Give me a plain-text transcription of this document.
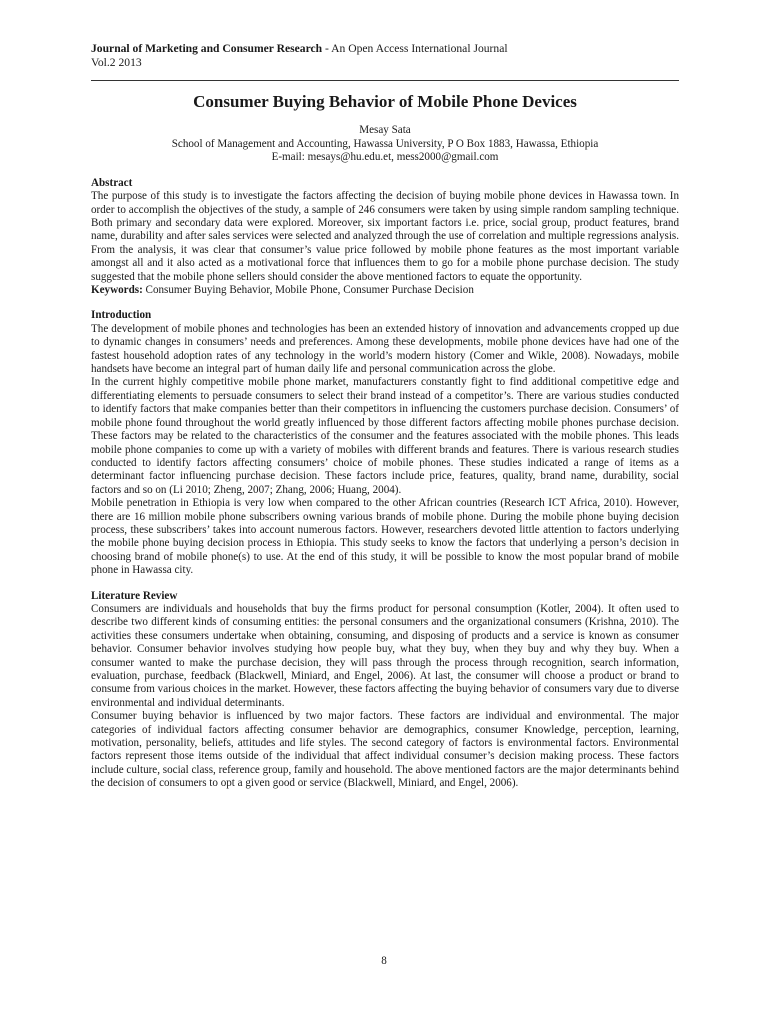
Journal of Marketing and Consumer Research - An Open Access International Journal
Vol.2 2013
Consumer Buying Behavior of Mobile Phone Devices
Mesay Sata
School of Management and Accounting, Hawassa University, P O Box 1883, Hawassa, Ethiopia
E-mail: mesays@hu.edu.et, mess2000@gmail.com
Abstract

The purpose of this study is to investigate the factors affecting the decision of buying mobile phone devices in Hawassa town. In order to accomplish the objectives of the study, a sample of 246 consumers were taken by using simple random sampling technique. Both primary and secondary data were explored. Moreover, six important factors i.e. price, social group, product features, brand name, durability and after sales services were selected and analyzed through the use of correlation and multiple regressions analysis. From the analysis, it was clear that consumer’s value price followed by mobile phone features as the most important variable amongst all and it also acted as a motivational force that influences them to go for a mobile phone purchase decision. The study suggested that the mobile phone sellers should consider the above mentioned factors to equate the opportunity.

Keywords: Consumer Buying Behavior, Mobile Phone, Consumer Purchase Decision

Introduction

The development of mobile phones and technologies has been an extended history of innovation and advancements cropped up due to dynamic changes in consumers’ needs and preferences. Among these developments, mobile phone devices have had one of the fastest household adoption rates of any technology in the world’s modern history (Comer and Wikle, 2008). Nowadays, mobile handsets have become an integral part of human daily life and personal communication across the globe.

In the current highly competitive mobile phone market, manufacturers constantly fight to find additional competitive edge and differentiating elements to persuade consumers to select their brand instead of a competitor’s. There are various studies conducted to identify factors that make companies better than their competitors in influencing the customers purchase decision. Consumers’ of mobile phone found throughout the world greatly influenced by those different factors affecting mobile phones purchase decision. These factors may be related to the characteristics of the consumer and the features associated with the mobile phones. This leads mobile phone companies to come up with a variety of mobiles with different brands and features. There is various research studies conducted to identify factors affecting consumers’ choice of mobile phones. These studies indicated a range of items as a determinant factor influencing purchase decision. These factors include price, features, quality, brand name, durability, social factors and so on (Li 2010; Zheng, 2007; Zhang, 2006; Huang, 2004).

Mobile penetration in Ethiopia is very low when compared to the other African countries (Research ICT Africa, 2010). However, there are 16 million mobile phone subscribers owning various brands of mobile phone. During the mobile phone buying decision process, these subscribers’ takes into account numerous factors. However, researchers devoted little attention to factors underlying the mobile phone buying decision process in Ethiopia. This study seeks to know the factors that underlying a person’s decision in choosing brand of mobile phone(s) to use. At the end of this study, it will be possible to know the most popular brand of mobile phone in Hawassa city.

Literature Review

Consumers are individuals and households that buy the firms product for personal consumption (Kotler, 2004). It often used to describe two different kinds of consuming entities: the personal consumers and the organizational consumers (Krishna, 2010). The activities these consumers undertake when obtaining, consuming, and disposing of products and a service is known as consumer behavior. Consumer behavior involves studying how people buy, what they buy, when they buy and why they buy. When a consumer wanted to make the purchase decision, they will pass through the process through recognition, search information, evaluation, purchase, feedback (Blackwell, Miniard, and Engel, 2006). At last, the consumer will choose a product or brand to consume from various choices in the market. However, these factors affecting the buying behavior of consumers vary due to diverse environmental and individual determinants.

Consumer buying behavior is influenced by two major factors. These factors are individual and environmental. The major categories of individual factors affecting consumer behavior are demographics, consumer Knowledge, perception, learning, motivation, personality, beliefs, attitudes and life styles. The second category of factors is environmental factors. Environmental factors represent those items outside of the individual that affect individual consumer’s decision making process. These factors include culture, social class, reference group, family and household. The above mentioned factors are the major determinants behind the decision of consumers to opt a given good or service (Blackwell, Miniard, and Engel, 2006).

8
